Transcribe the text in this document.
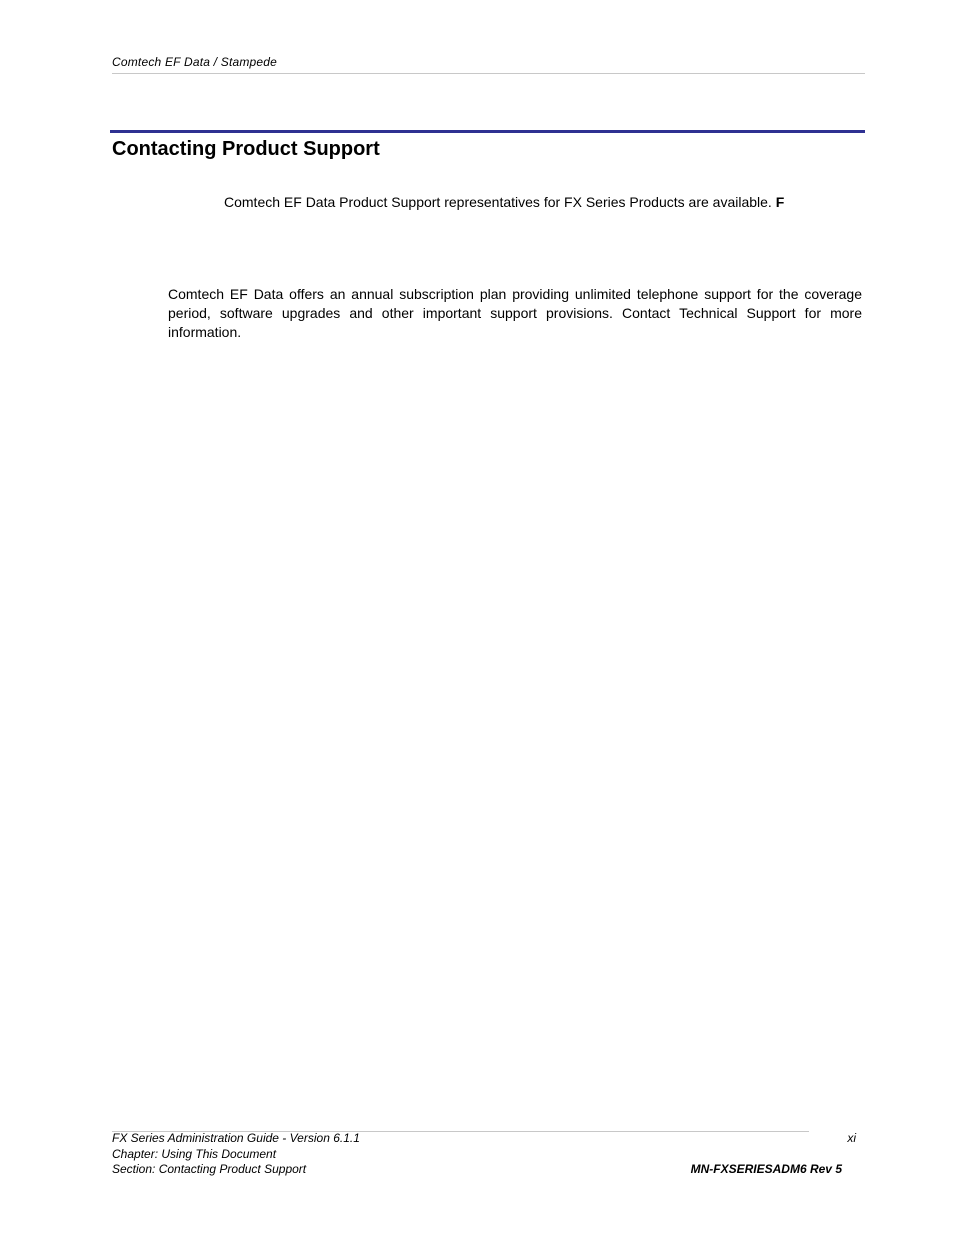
Comtech EF Data / Stampede
Contacting Product Support
Comtech EF Data Product Support representatives for FX Series Products are available. F

Comtech EF Data offers an annual subscription plan providing unlimited telephone support for the coverage period, software upgrades and other important support provisions. Contact Technical Support for more information.

FX Series Administration Guide - Version 6.1.1
Chapter: Using This Document
Section: Contacting Product Support
xi
MN-FXSERIESADM6 Rev 5
